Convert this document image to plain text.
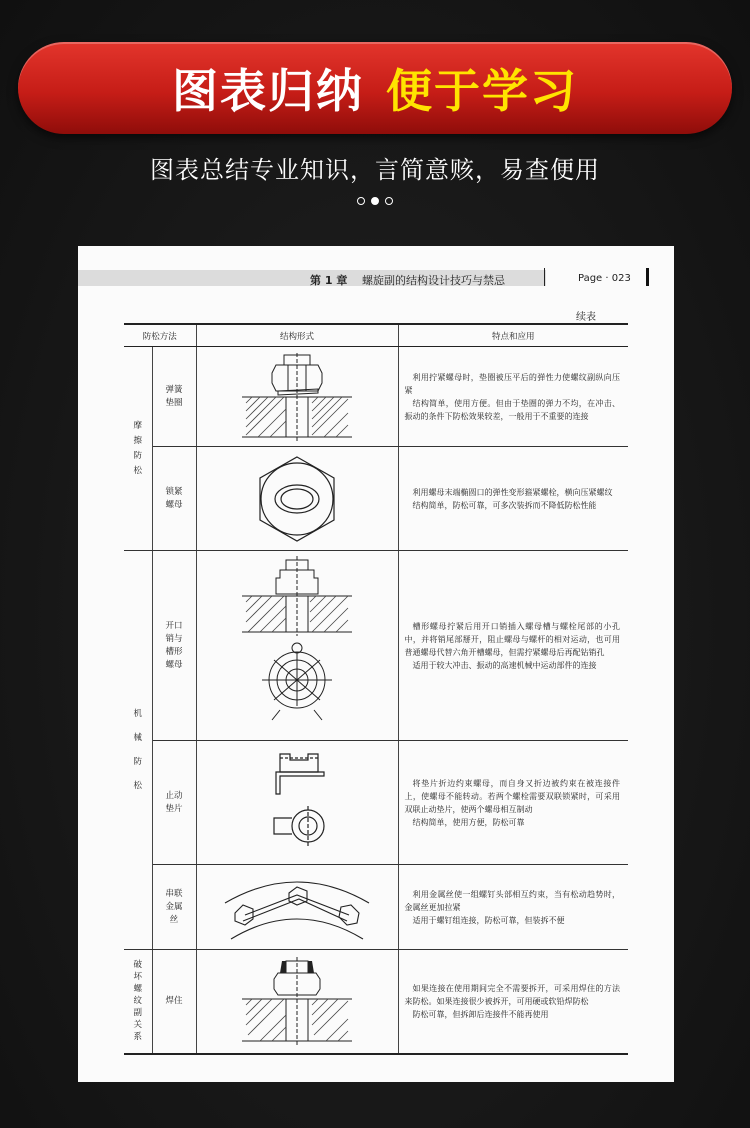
图表归纳 便于学习
图表总结专业知识，言简意赅，易查便用
第 1 章 螺旋副的结构设计技巧与禁忌	Page · 023
续表
防松方法		结构形式	特点和应用

摩擦防松	弹簧垫圈		利用拧紧螺母时，垫圈被压平后的弹性力使螺纹副纵向压紧

结构简单，使用方便。但由于垫圈的弹力不均，在冲击、振动的条件下防松效果较差，一般用于不重要的连接

	锁紧螺母		利用螺母末端椭圆口的弹性变形箍紧螺栓，横向压紧螺纹

结构简单，防松可靠，可多次装拆而不降低防松性能

机械防松	开口销与槽形螺母		槽形螺母拧紧后用开口销插入螺母槽与螺栓尾部的小孔中，并将销尾部掰开，阻止螺母与螺杆的相对运动，也可用普通螺母代替六角开槽螺母，但需拧紧螺母后再配钻销孔

适用于较大冲击、振动的高速机械中运动部件的连接

	止动垫片		将垫片折边约束螺母，而自身又折边被约束在被连接件上，使螺母不能转动。若两个螺栓需要双联锁紧时，可采用双联止动垫片，使两个螺母相互制动

结构简单，使用方便，防松可靠

	串联金属丝		利用金属丝使一组螺钉头部相互约束，当有松动趋势时，金属丝更加拉紧

适用于螺钉组连接，防松可靠，但装拆不便

破坏螺纹副关系	焊住		如果连接在使用期间完全不需要拆开，可采用焊住的方法来防松。如果连接很少被拆开，可用硬或软铅焊防松

防松可靠，但拆卸后连接件不能再使用
